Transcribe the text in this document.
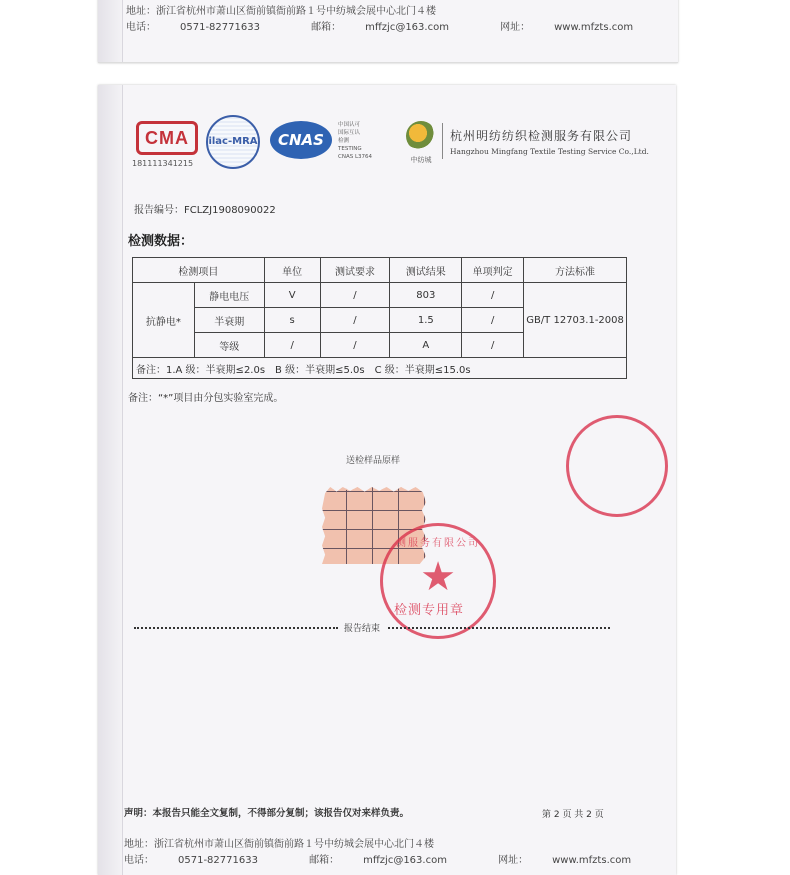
地址：浙江省杭州市萧山区衙前镇衙前路１号中纺城会展中心北门４楼
电话： 0571-82771633	邮箱： mffzjc@163.com	网址： www.mfzts.com
CMA
181111341215
ilac-MRA	CNAS
中国认可
国际互认
检测
TESTING
CNAS L3764	中纺城
杭州明纺纺织检测服务有限公司
Hangzhou Mingfang Textile Testing Service Co.,Ltd.
报告编号：FCLZJ1908090022
检测数据：
检测项目		单位	测试要求	测试结果	单项判定	方法标准
抗静电*	静电电压	V	/	803	/	GB/T 12703.1-2008
	半衰期	s	/	1.5	/	
	等级	/	/	A	/	
备注：1.A 级：半衰期≤2.0s　B 级：半衰期≤5.0s　C 级：半衰期≤15.0s						
备注：“*”项目由分包实验室完成。
送检样品原样
测服务有限公司
★
检测专用章
报告结束
声明：本报告只能全文复制，不得部分复制；该报告仅对来样负责。	第 2 页 共 2 页
地址：浙江省杭州市萧山区衙前镇衙前路１号中纺城会展中心北门４楼
电话： 0571-82771633	邮箱： mffzjc@163.com	网址： www.mfzts.com
